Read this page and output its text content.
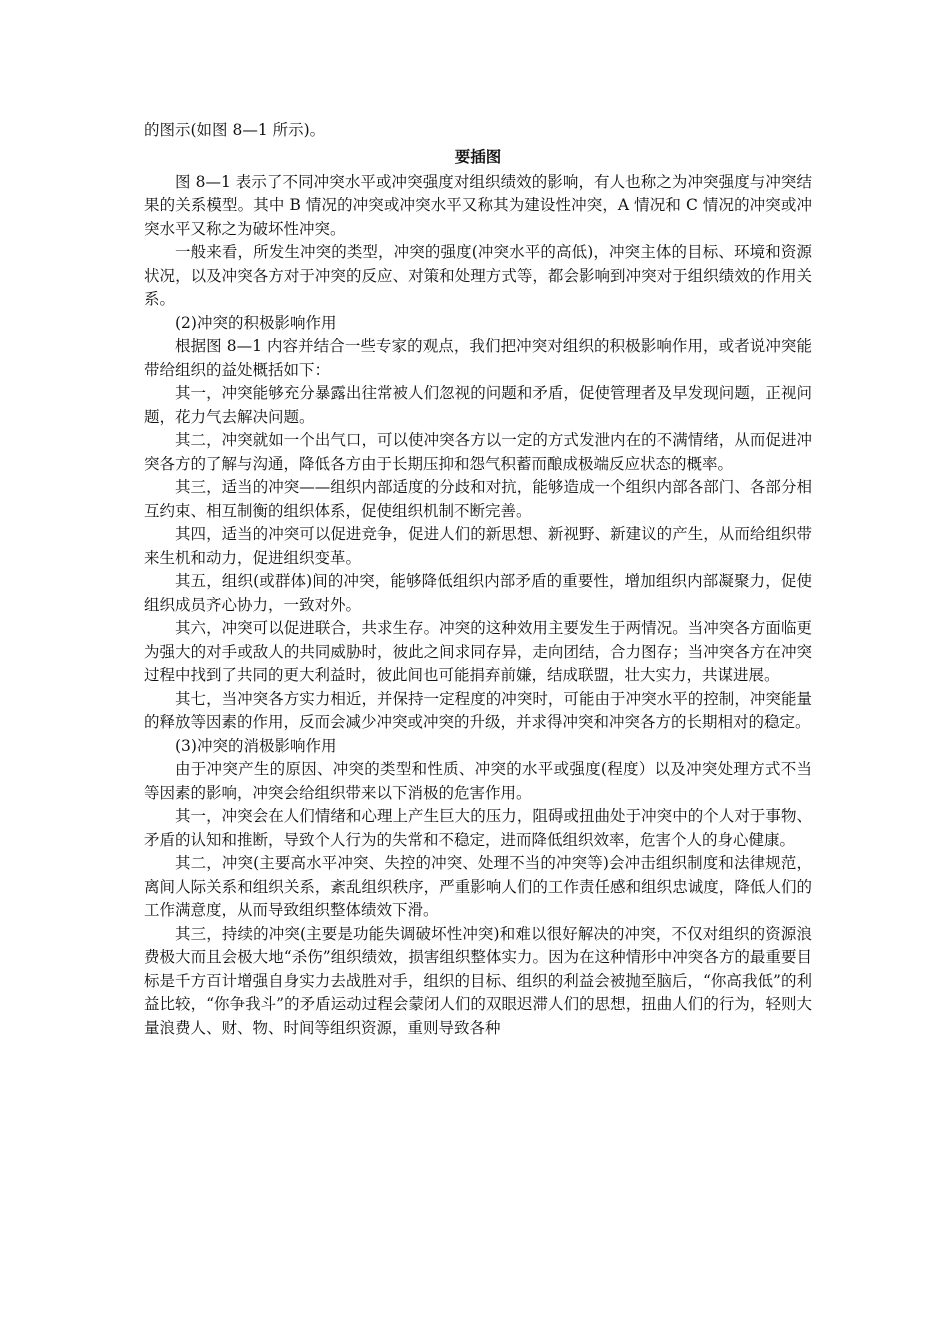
的图示(如图 8—1 所示)。

要插图

图 8—1 表示了不同冲突水平或冲突强度对组织绩效的影响，有人也称之为冲突强度与冲突结果的关系模型。其中 B 情况的冲突或冲突水平又称其为建设性冲突，A 情况和 C 情况的冲突或冲突水平又称之为破坏性冲突。

一般来看，所发生冲突的类型，冲突的强度(冲突水平的高低)，冲突主体的目标、环境和资源状况，以及冲突各方对于冲突的反应、对策和处理方式等，都会影响到冲突对于组织绩效的作用关系。

(2)冲突的积极影响作用

根据图 8—1 内容并结合一些专家的观点，我们把冲突对组织的积极影响作用，或者说冲突能带给组织的益处概括如下：

其一，冲突能够充分暴露出往常被人们忽视的问题和矛盾，促使管理者及早发现问题，正视问题，花力气去解决问题。

其二，冲突就如一个出气口，可以使冲突各方以一定的方式发泄内在的不满情绪，从而促进冲突各方的了解与沟通，降低各方由于长期压抑和怨气积蓄而酿成极端反应状态的概率。

其三，适当的冲突——组织内部适度的分歧和对抗，能够造成一个组织内部各部门、各部分相互约束、相互制衡的组织体系，促使组织机制不断完善。

其四，适当的冲突可以促进竞争，促进人们的新思想、新视野、新建议的产生，从而给组织带来生机和动力，促进组织变革。

其五，组织(或群体)间的冲突，能够降低组织内部矛盾的重要性，增加组织内部凝聚力，促使组织成员齐心协力，一致对外。

其六，冲突可以促进联合，共求生存。冲突的这种效用主要发生于两情况。当冲突各方面临更为强大的对手或敌人的共同威胁时，彼此之间求同存异，走向团结，合力图存；当冲突各方在冲突过程中找到了共同的更大利益时，彼此间也可能捐弃前嫌，结成联盟，壮大实力，共谋进展。

其七，当冲突各方实力相近，并保持一定程度的冲突时，可能由于冲突水平的控制，冲突能量的释放等因素的作用，反而会减少冲突或冲突的升级，并求得冲突和冲突各方的长期相对的稳定。

(3)冲突的消极影响作用

由于冲突产生的原因、冲突的类型和性质、冲突的水平或强度(程度）以及冲突处理方式不当等因素的影响，冲突会给组织带来以下消极的危害作用。

其一，冲突会在人们情绪和心理上产生巨大的压力，阻碍或扭曲处于冲突中的个人对于事物、矛盾的认知和推断，导致个人行为的失常和不稳定，进而降低组织效率，危害个人的身心健康。

其二，冲突(主要高水平冲突、失控的冲突、处理不当的冲突等)会冲击组织制度和法律规范，离间人际关系和组织关系，紊乱组织秩序，严重影响人们的工作责任感和组织忠诚度，降低人们的工作满意度，从而导致组织整体绩效下滑。

其三，持续的冲突(主要是功能失调破坏性冲突)和难以很好解决的冲突，不仅对组织的资源浪费极大而且会极大地“杀伤”组织绩效，损害组织整体实力。因为在这种情形中冲突各方的最重要目标是千方百计增强自身实力去战胜对手，组织的目标、组织的利益会被抛至脑后，“你高我低”的利益比较，“你争我斗”的矛盾运动过程会蒙闭人们的双眼迟滞人们的思想，扭曲人们的行为，轻则大量浪费人、财、物、时间等组织资源，重则导致各种
